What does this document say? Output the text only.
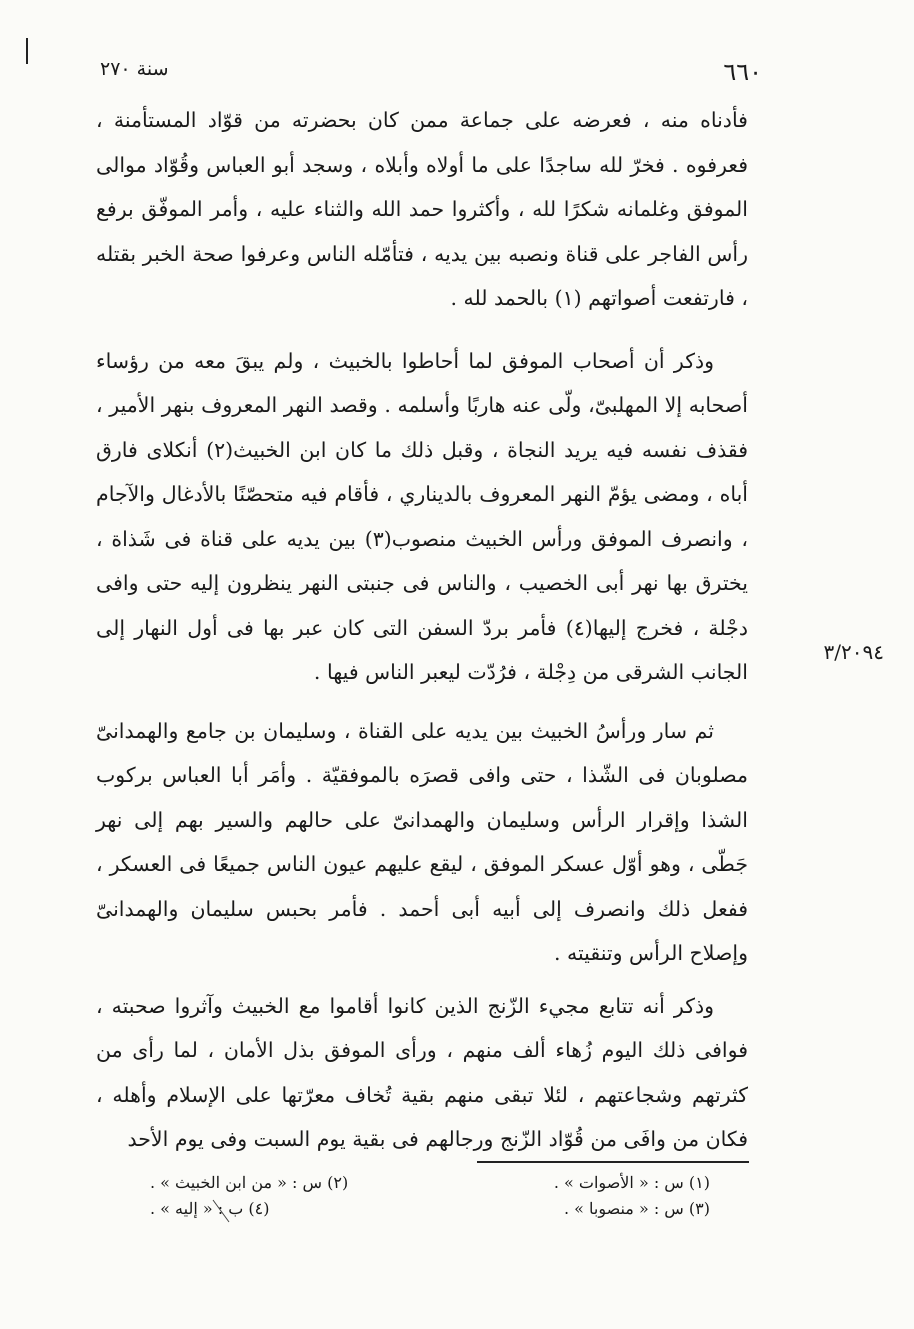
٦٦٠
سنة ٢٧٠

فأدناه منه ، فعرضه على جماعة ممن كان بحضرته من قوّاد المستأمنة ، فعرفوه . فخرّ لله ساجدًا على ما أولاه وأبلاه ، وسجد أبو العباس وقُوّاد موالى الموفق وغلمانه شكرًا لله ، وأكثروا حمد الله والثناء عليه ، وأمر الموفّق برفع رأس الفاجر على قناة ونصبه بين يديه ، فتأمّله الناس وعرفوا صحة الخبر بقتله ، فارتفعت أصواتهم (١) بالحمد لله .

وذكر أن أصحاب الموفق لما أحاطوا بالخبيث ، ولم يبقَ معه من رؤساء أصحابه إلا المهلبىّ، ولّى عنه هاربًا وأسلمه . وقصد النهر المعروف بنهر الأمير ، فقذف نفسه فيه يريد النجاة ، وقبل ذلك ما كان ابن الخبيث(٢) أنكلاى فارق أباه ، ومضى يؤمّ النهر المعروف بالديناري ، فأقام فيه متحصّنًا بالأدغال والآجام ، وانصرف الموفق ورأس الخبيث منصوب(٣) بين يديه على قناة فى شَذاة ، يخترق بها نهر أبى الخصيب ، والناس فى جنبتى النهر ينظرون إليه حتى وافى دجْلة ، فخرج إليها(٤) فأمر بردّ السفن التى كان عبر بها فى أول النهار إلى الجانب الشرقى من دِجْلة ، فرُدّت ليعبر الناس فيها .

ثم سار ورأسُ الخبيث بين يديه على القناة ، وسليمان بن جامع والهمدانىّ مصلوبان فى الشّذا ، حتى وافى قصرَه بالموفقيّة . وأمَر أبا العباس بركوب الشذا وإقرار الرأس وسليمان والهمدانىّ على حالهم والسير بهم إلى نهر جَطّى ، وهو أوّل عسكر الموفق ، ليقع عليهم عيون الناس جميعًا فى العسكر ، ففعل ذلك وانصرف إلى أبيه أبى أحمد . فأمر بحبس سليمان والهمدانىّ وإصلاح الرأس وتنقيته .

وذكر أنه تتابع مجيء الزّنج الذين كانوا أقاموا مع الخبيث وآثروا صحبته ، فوافى ذلك اليوم زُهاء ألف منهم ، ورأى الموفق بذل الأمان ، لما رأى من كثرتهم وشجاعتهم ، لئلا تبقى منهم بقية تُخاف معرّتها على الإسلام وأهله ، فكان من وافَى من قُوّاد الزّنج ورجالهم فى بقية يوم السبت وفى يوم الأحد

٣/٢٠٩٤
(١) س : « الأصوات » .
(٢) س : « من ابن الخبيث » .
(٣) س : « منصوبا » .
(٤) ب : « إليه » .
